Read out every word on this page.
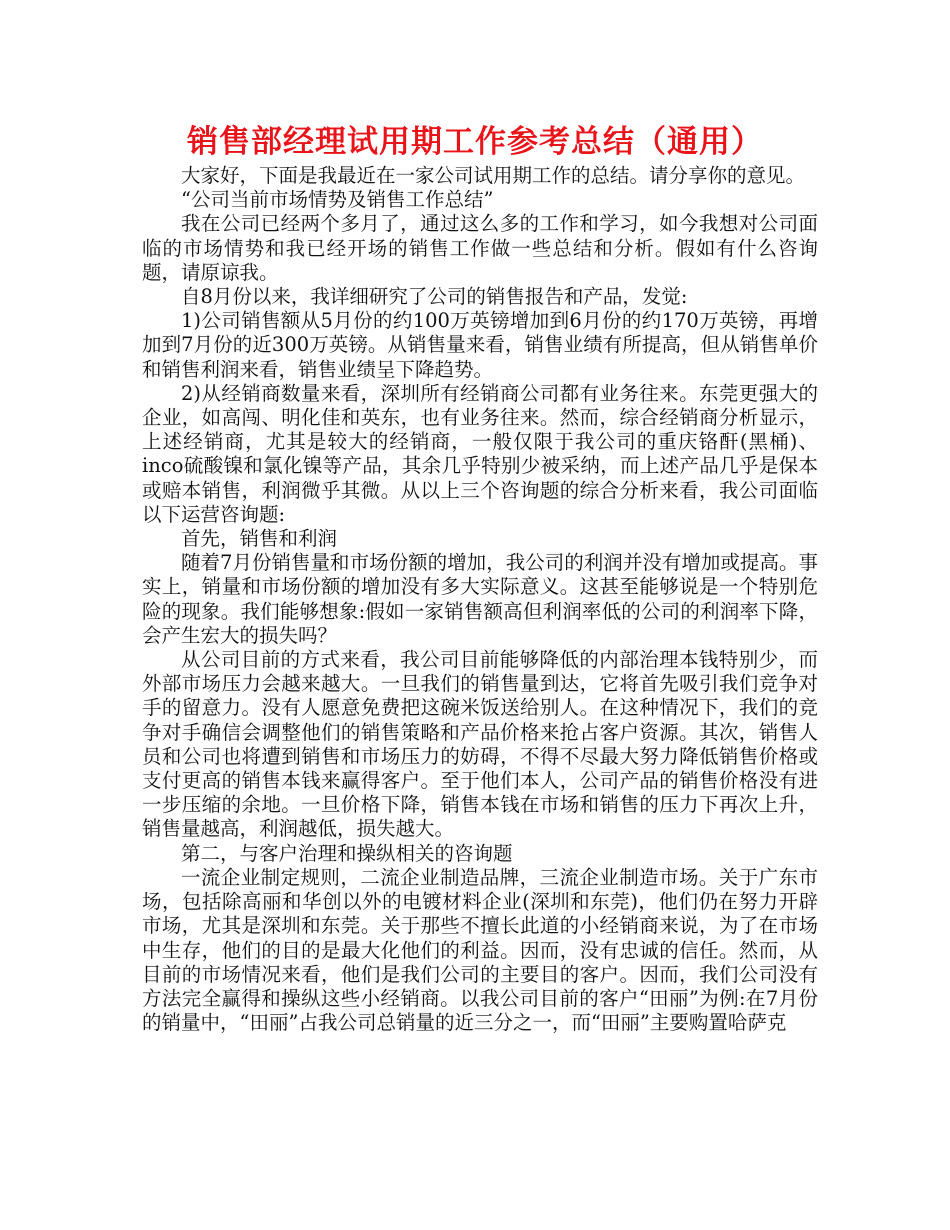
销售部经理试用期工作参考总结（通用）

大家好，下面是我最近在一家公司试用期工作的总结。请分享你的意见。

“公司当前市场情势及销售工作总结”

我在公司已经两个多月了，通过这么多的工作和学习，如今我想对公司面临的市场情势和我已经开场的销售工作做一些总结和分析。假如有什么咨询题，请原谅我。

自8月份以来，我详细研究了公司的销售报告和产品，发觉:

1)公司销售额从5月份的约100万英镑增加到6月份的约170万英镑，再增加到7月份的近300万英镑。从销售量来看，销售业绩有所提高，但从销售单价和销售利润来看，销售业绩呈下降趋势。

2)从经销商数量来看，深圳所有经销商公司都有业务往来。东莞更强大的企业，如高闯、明化佳和英东，也有业务往来。然而，综合经销商分析显示，上述经销商，尤其是较大的经销商，一般仅限于我公司的重庆铬酐(黑桶)、inco硫酸镍和氯化镍等产品，其余几乎特别少被采纳，而上述产品几乎是保本或赔本销售，利润微乎其微。从以上三个咨询题的综合分析来看，我公司面临以下运营咨询题:

首先，销售和利润

随着7月份销售量和市场份额的增加，我公司的利润并没有增加或提高。事实上，销量和市场份额的增加没有多大实际意义。这甚至能够说是一个特别危险的现象。我们能够想象:假如一家销售额高但利润率低的公司的利润率下降，会产生宏大的损失吗？

从公司目前的方式来看，我公司目前能够降低的内部治理本钱特别少，而外部市场压力会越来越大。一旦我们的销售量到达，它将首先吸引我们竞争对手的留意力。没有人愿意免费把这碗米饭送给别人。在这种情况下，我们的竞争对手确信会调整他们的销售策略和产品价格来抢占客户资源。其次，销售人员和公司也将遭到销售和市场压力的妨碍，不得不尽最大努力降低销售价格或支付更高的销售本钱来赢得客户。至于他们本人，公司产品的销售价格没有进一步压缩的余地。一旦价格下降，销售本钱在市场和销售的压力下再次上升，销售量越高，利润越低，损失越大。

第二，与客户治理和操纵相关的咨询题

一流企业制定规则，二流企业制造品牌，三流企业制造市场。关于广东市场，包括除高丽和华创以外的电镀材料企业(深圳和东莞)，他们仍在努力开辟市场，尤其是深圳和东莞。关于那些不擅长此道的小经销商来说，为了在市场中生存，他们的目的是最大化他们的利益。因而，没有忠诚的信任。然而，从目前的市场情况来看，他们是我们公司的主要目的客户。因而，我们公司没有方法完全赢得和操纵这些小经销商。以我公司目前的客户“田丽”为例:在7月份的销量中，“田丽”占我公司总销量的近三分之一，而“田丽”主要购置哈萨克
